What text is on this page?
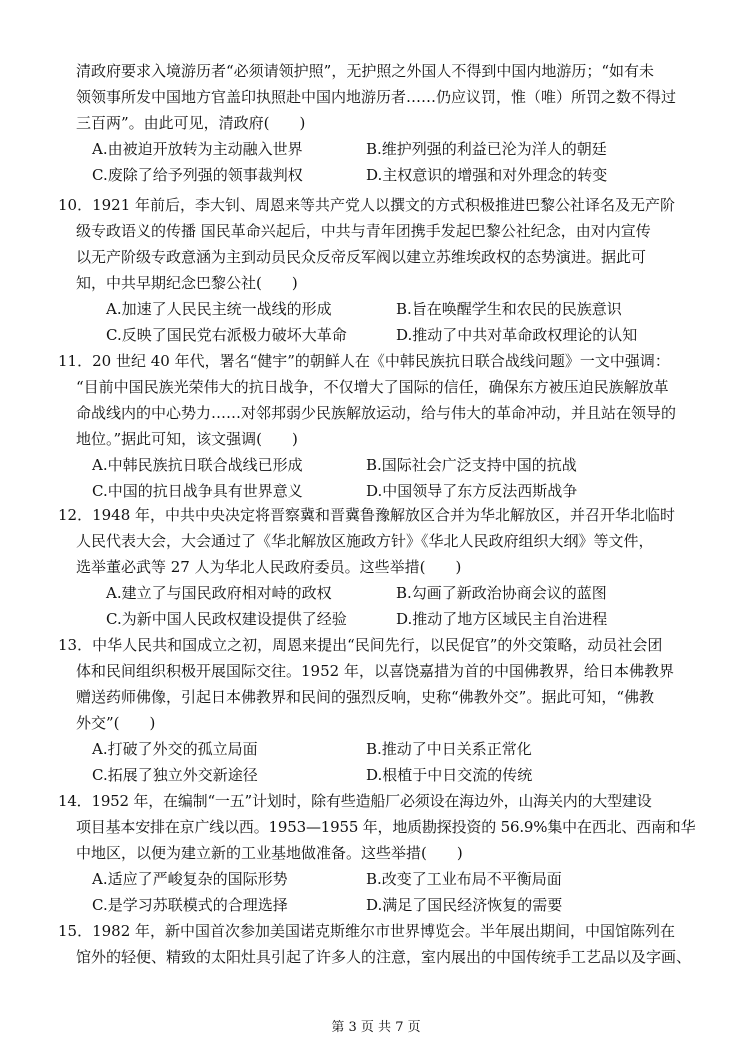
清政府要求入境游历者“必须请领护照”，无护照之外国人不得到中国内地游历；“如有未
领领事所发中国地方官盖印执照赴中国内地游历者……仍应议罚，惟（唯）所罚之数不得过
三百两”。由此可见，清政府(　　)
A.由被迫开放转为主动融入世界	B.维护列强的利益已沦为洋人的朝廷
C.废除了给予列强的领事裁判权	D.主权意识的增强和对外理念的转变
10．1921 年前后，李大钊、周恩来等共产党人以撰文的方式积极推进巴黎公社译名及无产阶
级专政语义的传播 国民革命兴起后，中共与青年团携手发起巴黎公社纪念，由对内宣传
以无产阶级专政意涵为主到动员民众反帝反军阀以建立苏维埃政权的态势演进。据此可
知，中共早期纪念巴黎公社(　　)
A.加速了人民民主统一战线的形成	B.旨在唤醒学生和农民的民族意识
C.反映了国民党右派极力破坏大革命	D.推动了中共对革命政权理论的认知
11．20 世纪 40 年代，署名“健宇”的朝鲜人在《中韩民族抗日联合战线问题》一文中强调：
“目前中国民族光荣伟大的抗日战争，不仅增大了国际的信任，确保东方被压迫民族解放革
命战线内的中心势力……对邻邦弱少民族解放运动，给与伟大的革命冲动，并且站在领导的
地位。”据此可知，该文强调(　　)
A.中韩民族抗日联合战线已形成	B.国际社会广泛支持中国的抗战
C.中国的抗日战争具有世界意义	D.中国领导了东方反法西斯战争
12．1948 年，中共中央决定将晋察冀和晋冀鲁豫解放区合并为华北解放区，并召开华北临时
人民代表大会，大会通过了《华北解放区施政方针》《华北人民政府组织大纲》等文件，
选举董必武等 27 人为华北人民政府委员。这些举措(　　)
A.建立了与国民政府相对峙的政权	B.勾画了新政治协商会议的蓝图
C.为新中国人民政权建设提供了经验	D.推动了地方区域民主自治进程
13．中华人民共和国成立之初，周恩来提出“民间先行，以民促官”的外交策略，动员社会团
体和民间组织积极开展国际交往。1952 年，以喜饶嘉措为首的中国佛教界，给日本佛教界
赠送药师佛像，引起日本佛教界和民间的强烈反响，史称“佛教外交”。据此可知，“佛教
外交”(　　)
A.打破了外交的孤立局面	B.推动了中日关系正常化
C.拓展了独立外交新途径	D.根植于中日交流的传统
14．1952 年，在编制“一五”计划时，除有些造船厂必须设在海边外，山海关内的大型建设
项目基本安排在京广线以西。1953—1955 年，地质勘探投资的 56.9%集中在西北、西南和华
中地区，以便为建立新的工业基地做准备。这些举措(　　)
A.适应了严峻复杂的国际形势	B.改变了工业布局不平衡局面
C.是学习苏联模式的合理选择	D.满足了国民经济恢复的需要
15．1982 年，新中国首次参加美国诺克斯维尔市世界博览会。半年展出期间，中国馆陈列在
馆外的轻便、精致的太阳灶具引起了许多人的注意，室内展出的中国传统手工艺品以及字画、
第 3 页 共 7 页
